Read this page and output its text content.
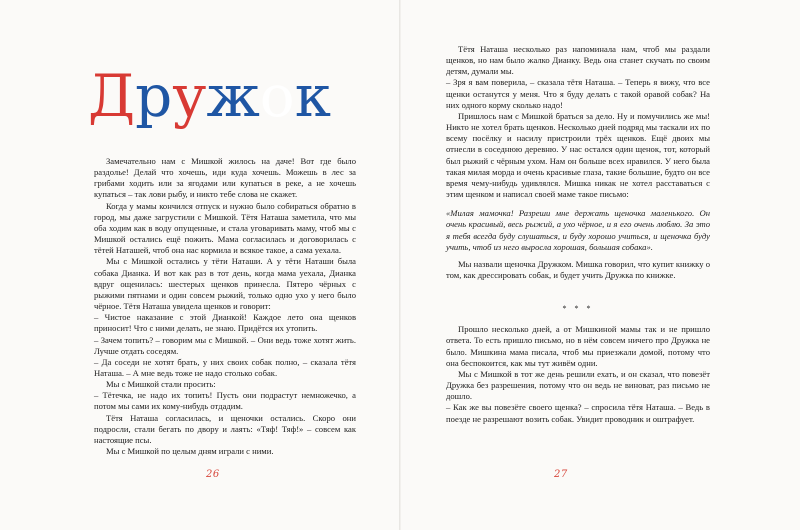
Дружок

Замечательно нам с Мишкой жилось на даче! Вот где было раздолье! Делай что хочешь, иди куда хочешь. Можешь в лес за грибами ходить или за ягодами или купаться в реке, а не хочешь купаться – так лови рыбу, и никто тебе слова не скажет.

Когда у мамы кончился отпуск и нужно было собираться обратно в город, мы даже загрустили с Мишкой. Тётя Наташа заметила, что мы оба ходим как в воду опущенные, и стала уговаривать маму, чтоб мы с Мишкой остались ещё пожить. Мама согласилась и договорилась с тётей Наташей, чтоб она нас кормила и всякое такое, а сама уехала.

Мы с Мишкой остались у тёти Наташи. А у тёти Наташи была собака Дианка. И вот как раз в тот день, когда мама уехала, Дианка вдруг ощенилась: шестерых щенков принесла. Пятеро чёрных с рыжими пятнами и один совсем рыжий, только одно ухо у него было чёрное. Тётя Наташа увидела щенков и говорит:

– Чистое наказание с этой Дианкой! Каждое лето она щенков приносит! Что с ними делать, не знаю. Придётся их утопить.

– Зачем топить? – говорим мы с Мишкой. – Они ведь тоже хотят жить. Лучше отдать соседям.

– Да соседи не хотят брать, у них своих собак полно, – сказала тётя Наташа. – А мне ведь тоже не надо столько собак.

Мы с Мишкой стали просить:

– Тётечка, не надо их топить! Пусть они подрастут немножечко, а потом мы сами их кому-нибудь отдадим.

Тётя Наташа согласилась, и щеночки остались. Скоро они подросли, стали бегать по двору и лаять: «Тяф! Тяф!» – совсем как настоящие псы.

Мы с Мишкой по целым дням играли с ними.

26

Тётя Наташа несколько раз напоминала нам, чтоб мы раздали щенков, но нам было жалко Дианку. Ведь она станет скучать по своим детям, думали мы.

– Зря я вам поверила, – сказала тётя Наташа. – Теперь я вижу, что все щенки останутся у меня. Что я буду делать с такой оравой собак? На них одного корму сколько надо!

Пришлось нам с Мишкой браться за дело. Ну и помучились же мы! Никто не хотел брать щенков. Несколько дней подряд мы таскали их по всему посёлку и насилу пристроили трёх щенков. Ещё двоих мы отнесли в соседнюю деревню. У нас остался один щенок, тот, который был рыжий с чёрным ухом. Нам он больше всех нравился. У него была такая милая морда и очень красивые глаза, такие большие, будто он все время чему-нибудь удивлялся. Мишка никак не хотел расставаться с этим щенком и написал своей маме такое письмо:

«Милая мамочка! Разреши мне держать щеночка маленького. Он очень красивый, весь рыжий, а ухо чёрное, и я его очень люблю. За это я тебя всегда буду слушаться, и буду хорошо учиться, и щеночка буду учить, чтоб из него выросла хорошая, большая собака».

Мы назвали щеночка Дружком. Мишка говорил, что купит книжку о том, как дрессировать собак, и будет учить Дружка по книжке.

* * *

Прошло несколько дней, а от Мишкиной мамы так и не пришло ответа. То есть пришло письмо, но в нём совсем ничего про Дружка не было. Мишкина мама писала, чтоб мы приезжали домой, потому что она беспокоится, как мы тут живём одни.

Мы с Мишкой в тот же день решили ехать, и он сказал, что повезёт Дружка без разрешения, потому что он ведь не виноват, раз письмо не дошло.

– Как же вы повезёте своего щенка? – спросила тётя Наташа. – Ведь в поезде не разрешают возить собак. Увидит проводник и оштрафует.

27
